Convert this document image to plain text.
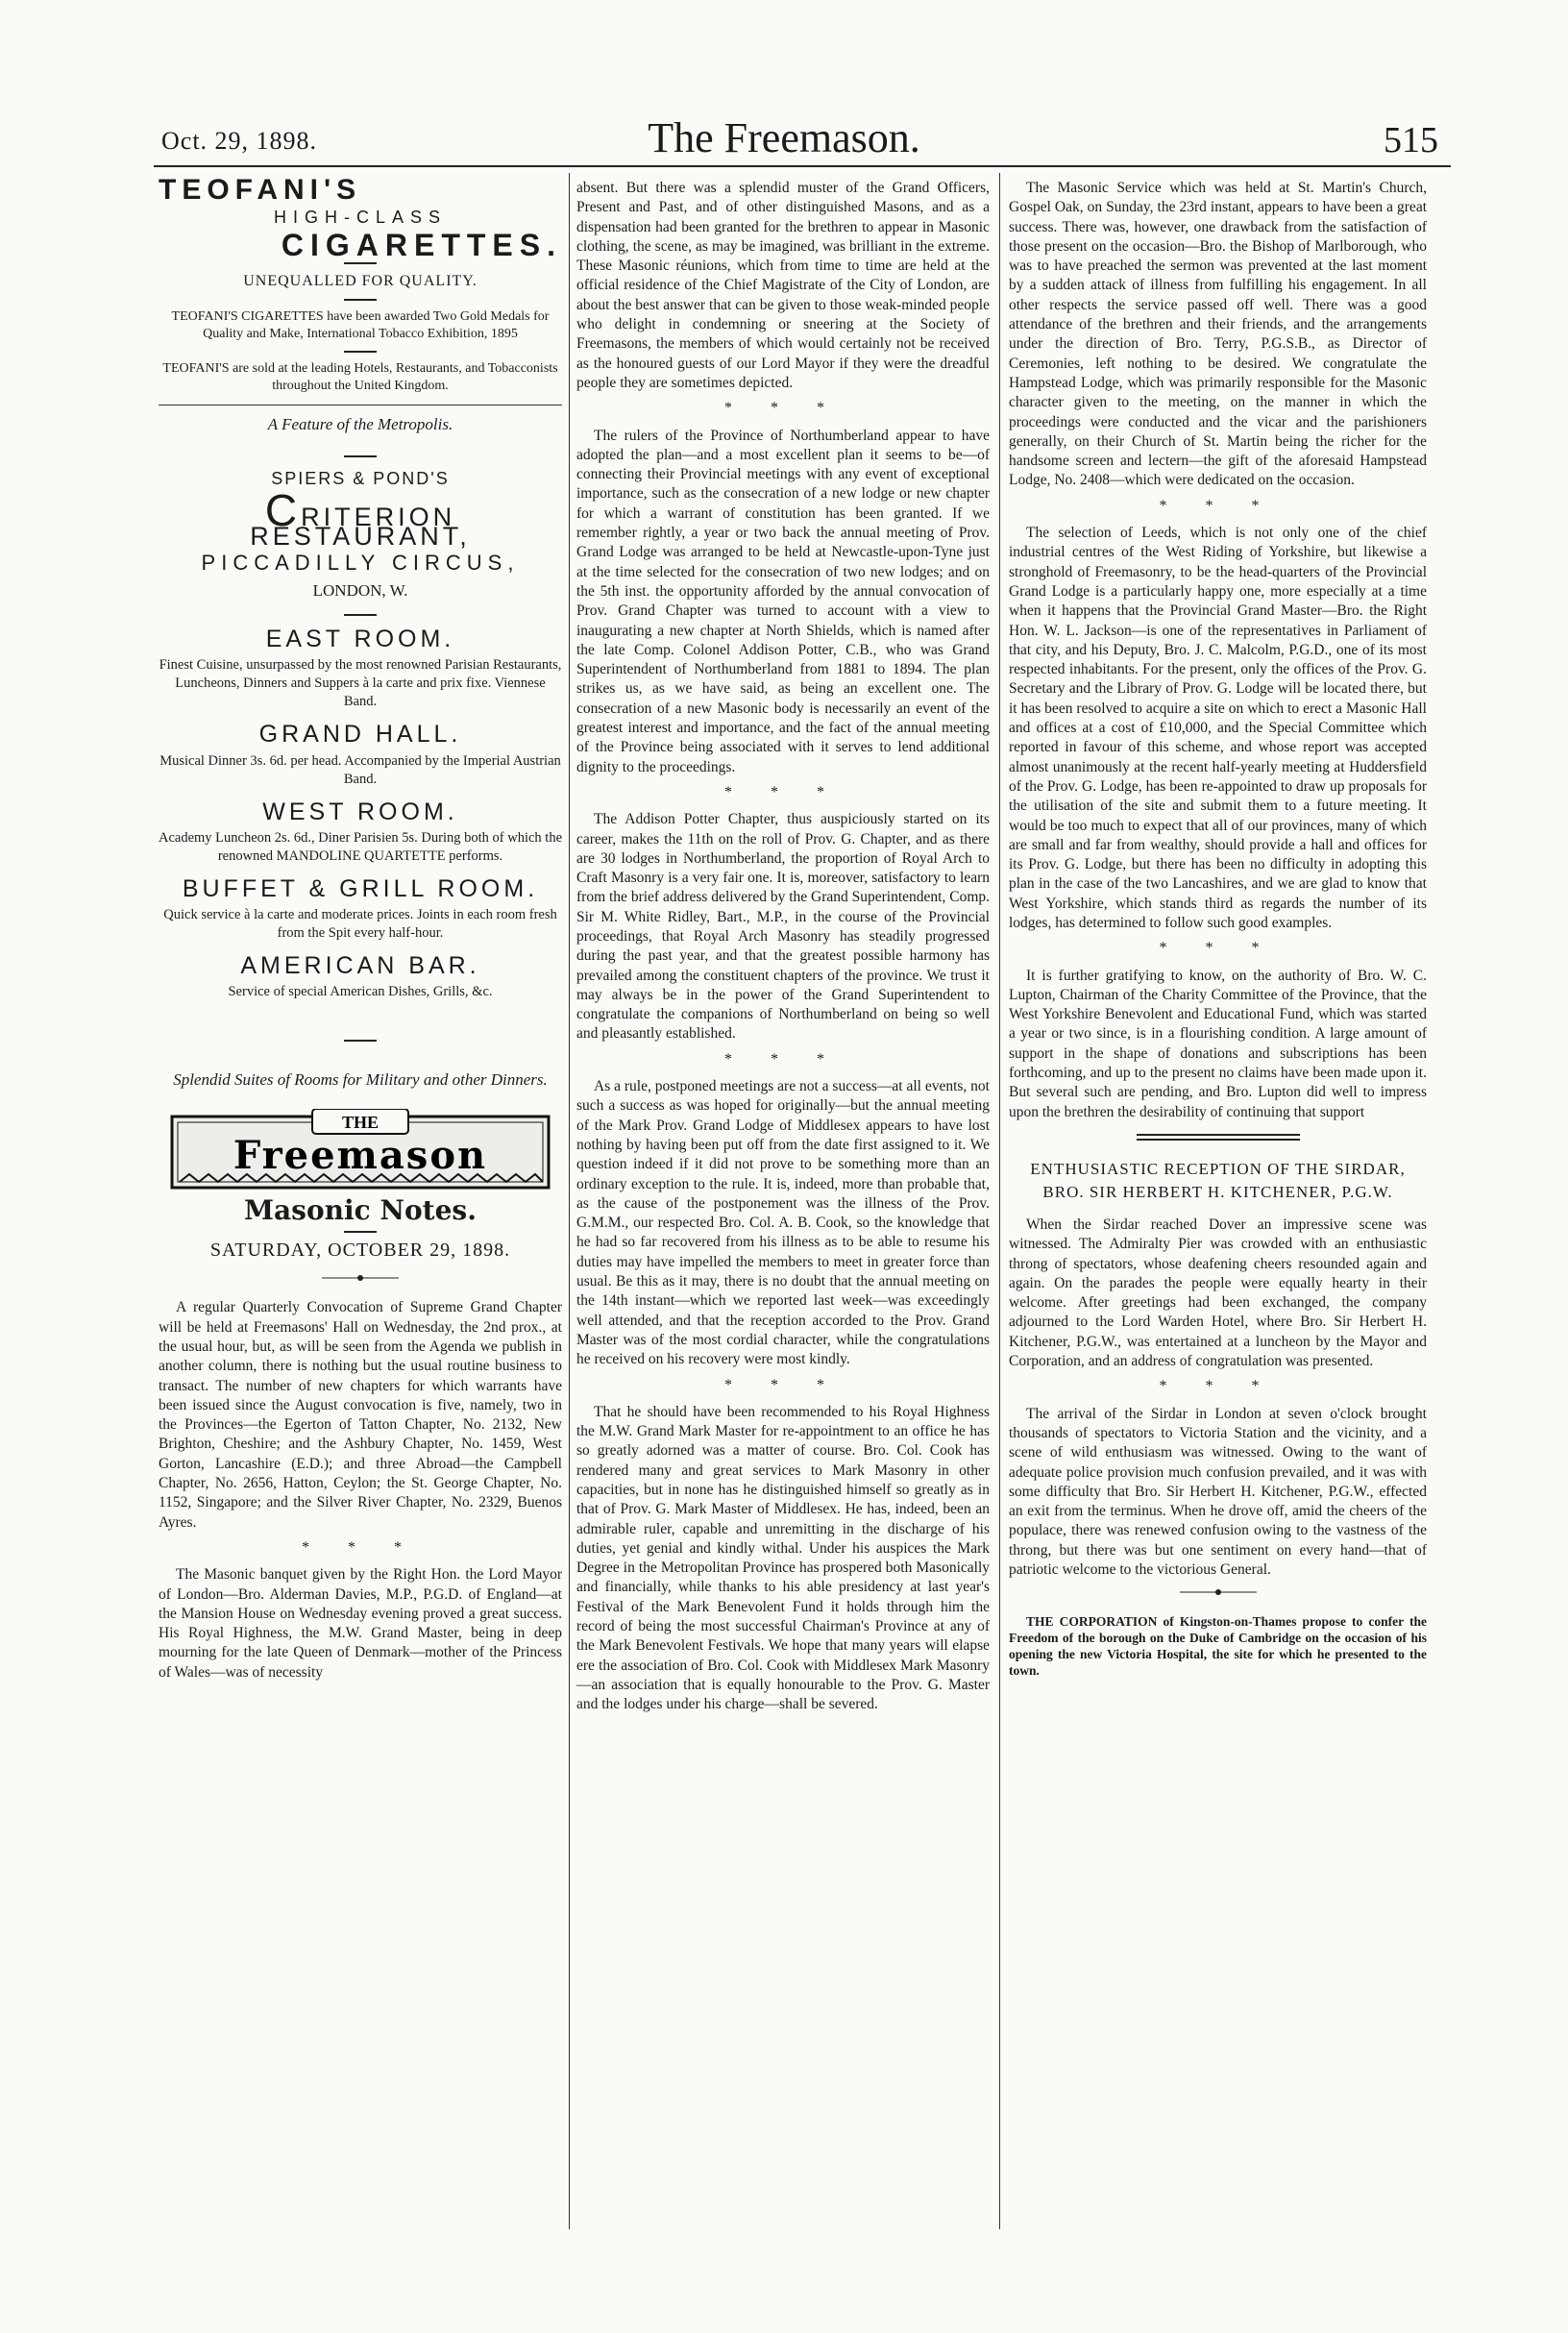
Oct. 29, 1898.	The Freemason.	515
TEOFANI'S
HIGH-CLASS
CIGARETTES.
UNEQUALLED FOR QUALITY.

TEOFANI'S CIGARETTES have been awarded Two Gold Medals for Quality and Make, International Tobacco Exhibition, 1895

TEOFANI'S are sold at the leading Hotels, Restaurants, and Tobacconists throughout the United Kingdom.

A Feature of the Metropolis.
SPIERS & POND'S
CRITERION RESTAURANT,
PICCADILLY CIRCUS,
LONDON, W.
EAST ROOM.
Finest Cuisine, unsurpassed by the most renowned Parisian Restaurants, Luncheons, Dinners and Suppers à la carte and prix fixe. Viennese Band.
GRAND HALL.
Musical Dinner 3s. 6d. per head. Accompanied by the Imperial Austrian Band.
WEST ROOM.
Academy Luncheon 2s. 6d., Diner Parisien 5s. During both of which the renowned MANDOLINE QUARTETTE performs.
BUFFET & GRILL ROOM.
Quick service à la carte and moderate prices. Joints in each room fresh from the Spit every half-hour.
AMERICAN BAR.
Service of special American Dishes, Grills, &c.
Splendid Suites of Rooms for Military and other Dinners.
THE
Freemason
Masonic Notes.
SATURDAY, OCTOBER 29, 1898.

A regular Quarterly Convocation of Supreme Grand Chapter will be held at Freemasons' Hall on Wednesday, the 2nd prox., at the usual hour, but, as will be seen from the Agenda we publish in another column, there is nothing but the usual routine business to transact. The number of new chapters for which warrants have been issued since the August convocation is five, namely, two in the Provinces—the Egerton of Tatton Chapter, No. 2132, New Brighton, Cheshire; and the Ashbury Chapter, No. 1459, West Gorton, Lancashire (E.D.); and three Abroad—the Campbell Chapter, No. 2656, Hatton, Ceylon; the St. George Chapter, No. 1152, Singapore; and the Silver River Chapter, No. 2329, Buenos Ayres.

* * *

The Masonic banquet given by the Right Hon. the Lord Mayor of London—Bro. Alderman Davies, M.P., P.G.D. of England—at the Mansion House on Wednesday evening proved a great success. His Royal Highness, the M.W. Grand Master, being in deep mourning for the late Queen of Denmark—mother of the Princess of Wales—was of necessity

absent. But there was a splendid muster of the Grand Officers, Present and Past, and of other distinguished Masons, and as a dispensation had been granted for the brethren to appear in Masonic clothing, the scene, as may be imagined, was brilliant in the extreme. These Masonic réunions, which from time to time are held at the official residence of the Chief Magistrate of the City of London, are about the best answer that can be given to those weak-minded people who delight in condemning or sneering at the Society of Freemasons, the members of which would certainly not be received as the honoured guests of our Lord Mayor if they were the dreadful people they are sometimes depicted.

* * *

The rulers of the Province of Northumberland appear to have adopted the plan—and a most excellent plan it seems to be—of connecting their Provincial meetings with any event of exceptional importance, such as the consecration of a new lodge or new chapter for which a warrant of constitution has been granted. If we remember rightly, a year or two back the annual meeting of Prov. Grand Lodge was arranged to be held at Newcastle-upon-Tyne just at the time selected for the consecration of two new lodges; and on the 5th inst. the opportunity afforded by the annual convocation of Prov. Grand Chapter was turned to account with a view to inaugurating a new chapter at North Shields, which is named after the late Comp. Colonel Addison Potter, C.B., who was Grand Superintendent of Northumberland from 1881 to 1894. The plan strikes us, as we have said, as being an excellent one. The consecration of a new Masonic body is necessarily an event of the greatest interest and importance, and the fact of the annual meeting of the Province being associated with it serves to lend additional dignity to the proceedings.

* * *

The Addison Potter Chapter, thus auspiciously started on its career, makes the 11th on the roll of Prov. G. Chapter, and as there are 30 lodges in Northumberland, the proportion of Royal Arch to Craft Masonry is a very fair one. It is, moreover, satisfactory to learn from the brief address delivered by the Grand Superintendent, Comp. Sir M. White Ridley, Bart., M.P., in the course of the Provincial proceedings, that Royal Arch Masonry has steadily progressed during the past year, and that the greatest possible harmony has prevailed among the constituent chapters of the province. We trust it may always be in the power of the Grand Superintendent to congratulate the companions of Northumberland on being so well and pleasantly established.

* * *

As a rule, postponed meetings are not a success—at all events, not such a success as was hoped for originally—but the annual meeting of the Mark Prov. Grand Lodge of Middlesex appears to have lost nothing by having been put off from the date first assigned to it. We question indeed if it did not prove to be something more than an ordinary exception to the rule. It is, indeed, more than probable that, as the cause of the postponement was the illness of the Prov. G.M.M., our respected Bro. Col. A. B. Cook, so the knowledge that he had so far recovered from his illness as to be able to resume his duties may have impelled the members to meet in greater force than usual. Be this as it may, there is no doubt that the annual meeting on the 14th instant—which we reported last week—was exceedingly well attended, and that the reception accorded to the Prov. Grand Master was of the most cordial character, while the congratulations he received on his recovery were most kindly.

* * *

That he should have been recommended to his Royal Highness the M.W. Grand Mark Master for re-appointment to an office he has so greatly adorned was a matter of course. Bro. Col. Cook has rendered many and great services to Mark Masonry in other capacities, but in none has he distinguished himself so greatly as in that of Prov. G. Mark Master of Middlesex. He has, indeed, been an admirable ruler, capable and unremitting in the discharge of his duties, yet genial and kindly withal. Under his auspices the Mark Degree in the Metropolitan Province has prospered both Masonically and financially, while thanks to his able presidency at last year's Festival of the Mark Benevolent Fund it holds through him the record of being the most successful Chairman's Province at any of the Mark Benevolent Festivals. We hope that many years will elapse ere the association of Bro. Col. Cook with Middlesex Mark Masonry—an association that is equally honourable to the Prov. G. Master and the lodges under his charge—shall be severed.

The Masonic Service which was held at St. Martin's Church, Gospel Oak, on Sunday, the 23rd instant, appears to have been a great success. There was, however, one drawback from the satisfaction of those present on the occasion—Bro. the Bishop of Marlborough, who was to have preached the sermon was prevented at the last moment by a sudden attack of illness from fulfilling his engagement. In all other respects the service passed off well. There was a good attendance of the brethren and their friends, and the arrangements under the direction of Bro. Terry, P.G.S.B., as Director of Ceremonies, left nothing to be desired. We congratulate the Hampstead Lodge, which was primarily responsible for the Masonic character given to the meeting, on the manner in which the proceedings were conducted and the vicar and the parishioners generally, on their Church of St. Martin being the richer for the handsome screen and lectern—the gift of the aforesaid Hampstead Lodge, No. 2408—which were dedicated on the occasion.

* * *

The selection of Leeds, which is not only one of the chief industrial centres of the West Riding of Yorkshire, but likewise a stronghold of Freemasonry, to be the head-quarters of the Provincial Grand Lodge is a particularly happy one, more especially at a time when it happens that the Provincial Grand Master—Bro. the Right Hon. W. L. Jackson—is one of the representatives in Parliament of that city, and his Deputy, Bro. J. C. Malcolm, P.G.D., one of its most respected inhabitants. For the present, only the offices of the Prov. G. Secretary and the Library of Prov. G. Lodge will be located there, but it has been resolved to acquire a site on which to erect a Masonic Hall and offices at a cost of £10,000, and the Special Committee which reported in favour of this scheme, and whose report was accepted almost unanimously at the recent half-yearly meeting at Huddersfield of the Prov. G. Lodge, has been re-appointed to draw up proposals for the utilisation of the site and submit them to a future meeting. It would be too much to expect that all of our provinces, many of which are small and far from wealthy, should provide a hall and offices for its Prov. G. Lodge, but there has been no difficulty in adopting this plan in the case of the two Lancashires, and we are glad to know that West Yorkshire, which stands third as regards the number of its lodges, has determined to follow such good examples.

* * *

It is further gratifying to know, on the authority of Bro. W. C. Lupton, Chairman of the Charity Committee of the Province, that the West Yorkshire Benevolent and Educational Fund, which was started a year or two since, is in a flourishing condition. A large amount of support in the shape of donations and subscriptions has been forthcoming, and up to the present no claims have been made upon it. But several such are pending, and Bro. Lupton did well to impress upon the brethren the desirability of continuing that support

ENTHUSIASTIC RECEPTION OF THE SIRDAR, BRO. SIR HERBERT H. KITCHENER, P.G.W.

When the Sirdar reached Dover an impressive scene was witnessed. The Admiralty Pier was crowded with an enthusiastic throng of spectators, whose deafening cheers resounded again and again. On the parades the people were equally hearty in their welcome. After greetings had been exchanged, the company adjourned to the Lord Warden Hotel, where Bro. Sir Herbert H. Kitchener, P.G.W., was entertained at a luncheon by the Mayor and Corporation, and an address of congratulation was presented.

* * *

The arrival of the Sirdar in London at seven o'clock brought thousands of spectators to Victoria Station and the vicinity, and a scene of wild enthusiasm was witnessed. Owing to the want of adequate police provision much confusion prevailed, and it was with some difficulty that Bro. Sir Herbert H. Kitchener, P.G.W., effected an exit from the terminus. When he drove off, amid the cheers of the populace, there was renewed confusion owing to the vastness of the throng, but there was but one sentiment on every hand—that of patriotic welcome to the victorious General.

THE CORPORATION of Kingston-on-Thames propose to confer the Freedom of the borough on the Duke of Cambridge on the occasion of his opening the new Victoria Hospital, the site for which he presented to the town.
